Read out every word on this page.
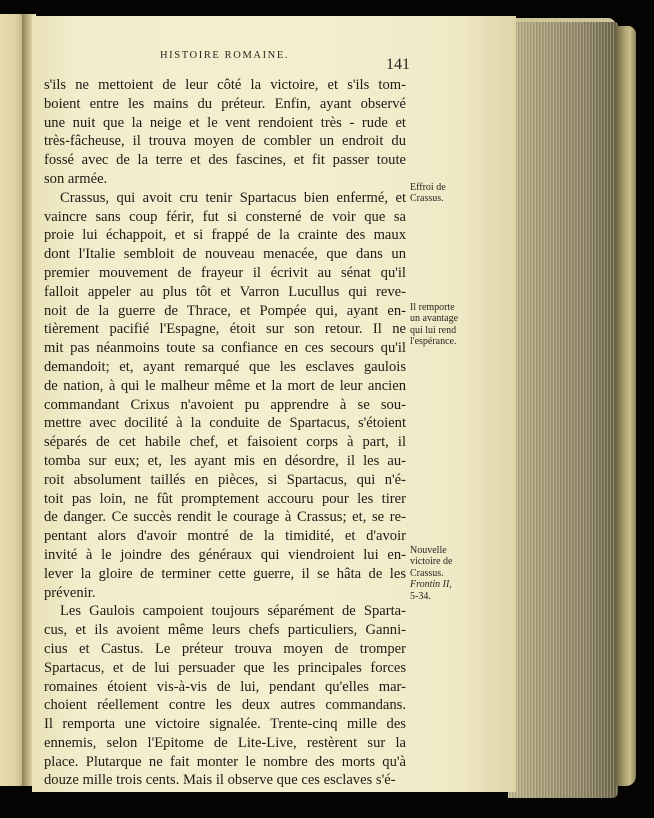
HISTOIRE ROMAINE.
141
s'ils ne mettoient de leur côté la victoire, et s'ils tom-
boient entre les mains du préteur. Enfin, ayant observé
une nuit que la neige et le vent rendoient très - rude et
très-fâcheuse, il trouva moyen de combler un endroit du
fossé avec de la terre et des fascines, et fit passer toute
son armée.
Crassus, qui avoit cru tenir Spartacus bien enfermé, et
vaincre sans coup férir, fut si consterné de voir que sa
proie lui échappoit, et si frappé de la crainte des maux
dont l'Italie sembloit de nouveau menacée, que dans un
premier mouvement de frayeur il écrivit au sénat qu'il
falloit appeler au plus tôt et Varron Lucullus qui reve-
noit de la guerre de Thrace, et Pompée qui, ayant en-
tièrement pacifié l'Espagne, étoit sur son retour. Il ne
mit pas néanmoins toute sa confiance en ces secours qu'il
demandoit; et, ayant remarqué que les esclaves gaulois
de nation, à qui le malheur même et la mort de leur ancien
commandant Crixus n'avoient pu apprendre à se sou-
mettre avec docilité à la conduite de Spartacus, s'étoient
séparés de cet habile chef, et faisoient corps à part, il
tomba sur eux; et, les ayant mis en désordre, il les au-
roit absolument taillés en pièces, si Spartacus, qui n'é-
toit pas loin, ne fût promptement accouru pour les tirer
de danger. Ce succès rendit le courage à Crassus; et, se re-
pentant alors d'avoir montré de la timidité, et d'avoir
invité à le joindre des généraux qui viendroient lui en-
lever la gloire de terminer cette guerre, il se hâta de les
prévenir.
Les Gaulois campoient toujours séparément de Sparta-
cus, et ils avoient même leurs chefs particuliers, Ganni-
cius et Castus. Le préteur trouva moyen de tromper
Spartacus, et de lui persuader que les principales forces
romaines étoient vis-à-vis de lui, pendant qu'elles mar-
choient réellement contre les deux autres commandans.
Il remporta une victoire signalée. Trente-cinq mille des
ennemis, selon l'Epitome de Lite-Live, restèrent sur la
place. Plutarque ne fait monter le nombre des morts qu'à
douze mille trois cents. Mais il observe que ces esclaves s'é-
Effroi de
Crassus.
Il remporte
un avantage
qui lui rend
l'espérance.
Nouvelle
victoire de
Crassus.
Frontin II,
5-34.
